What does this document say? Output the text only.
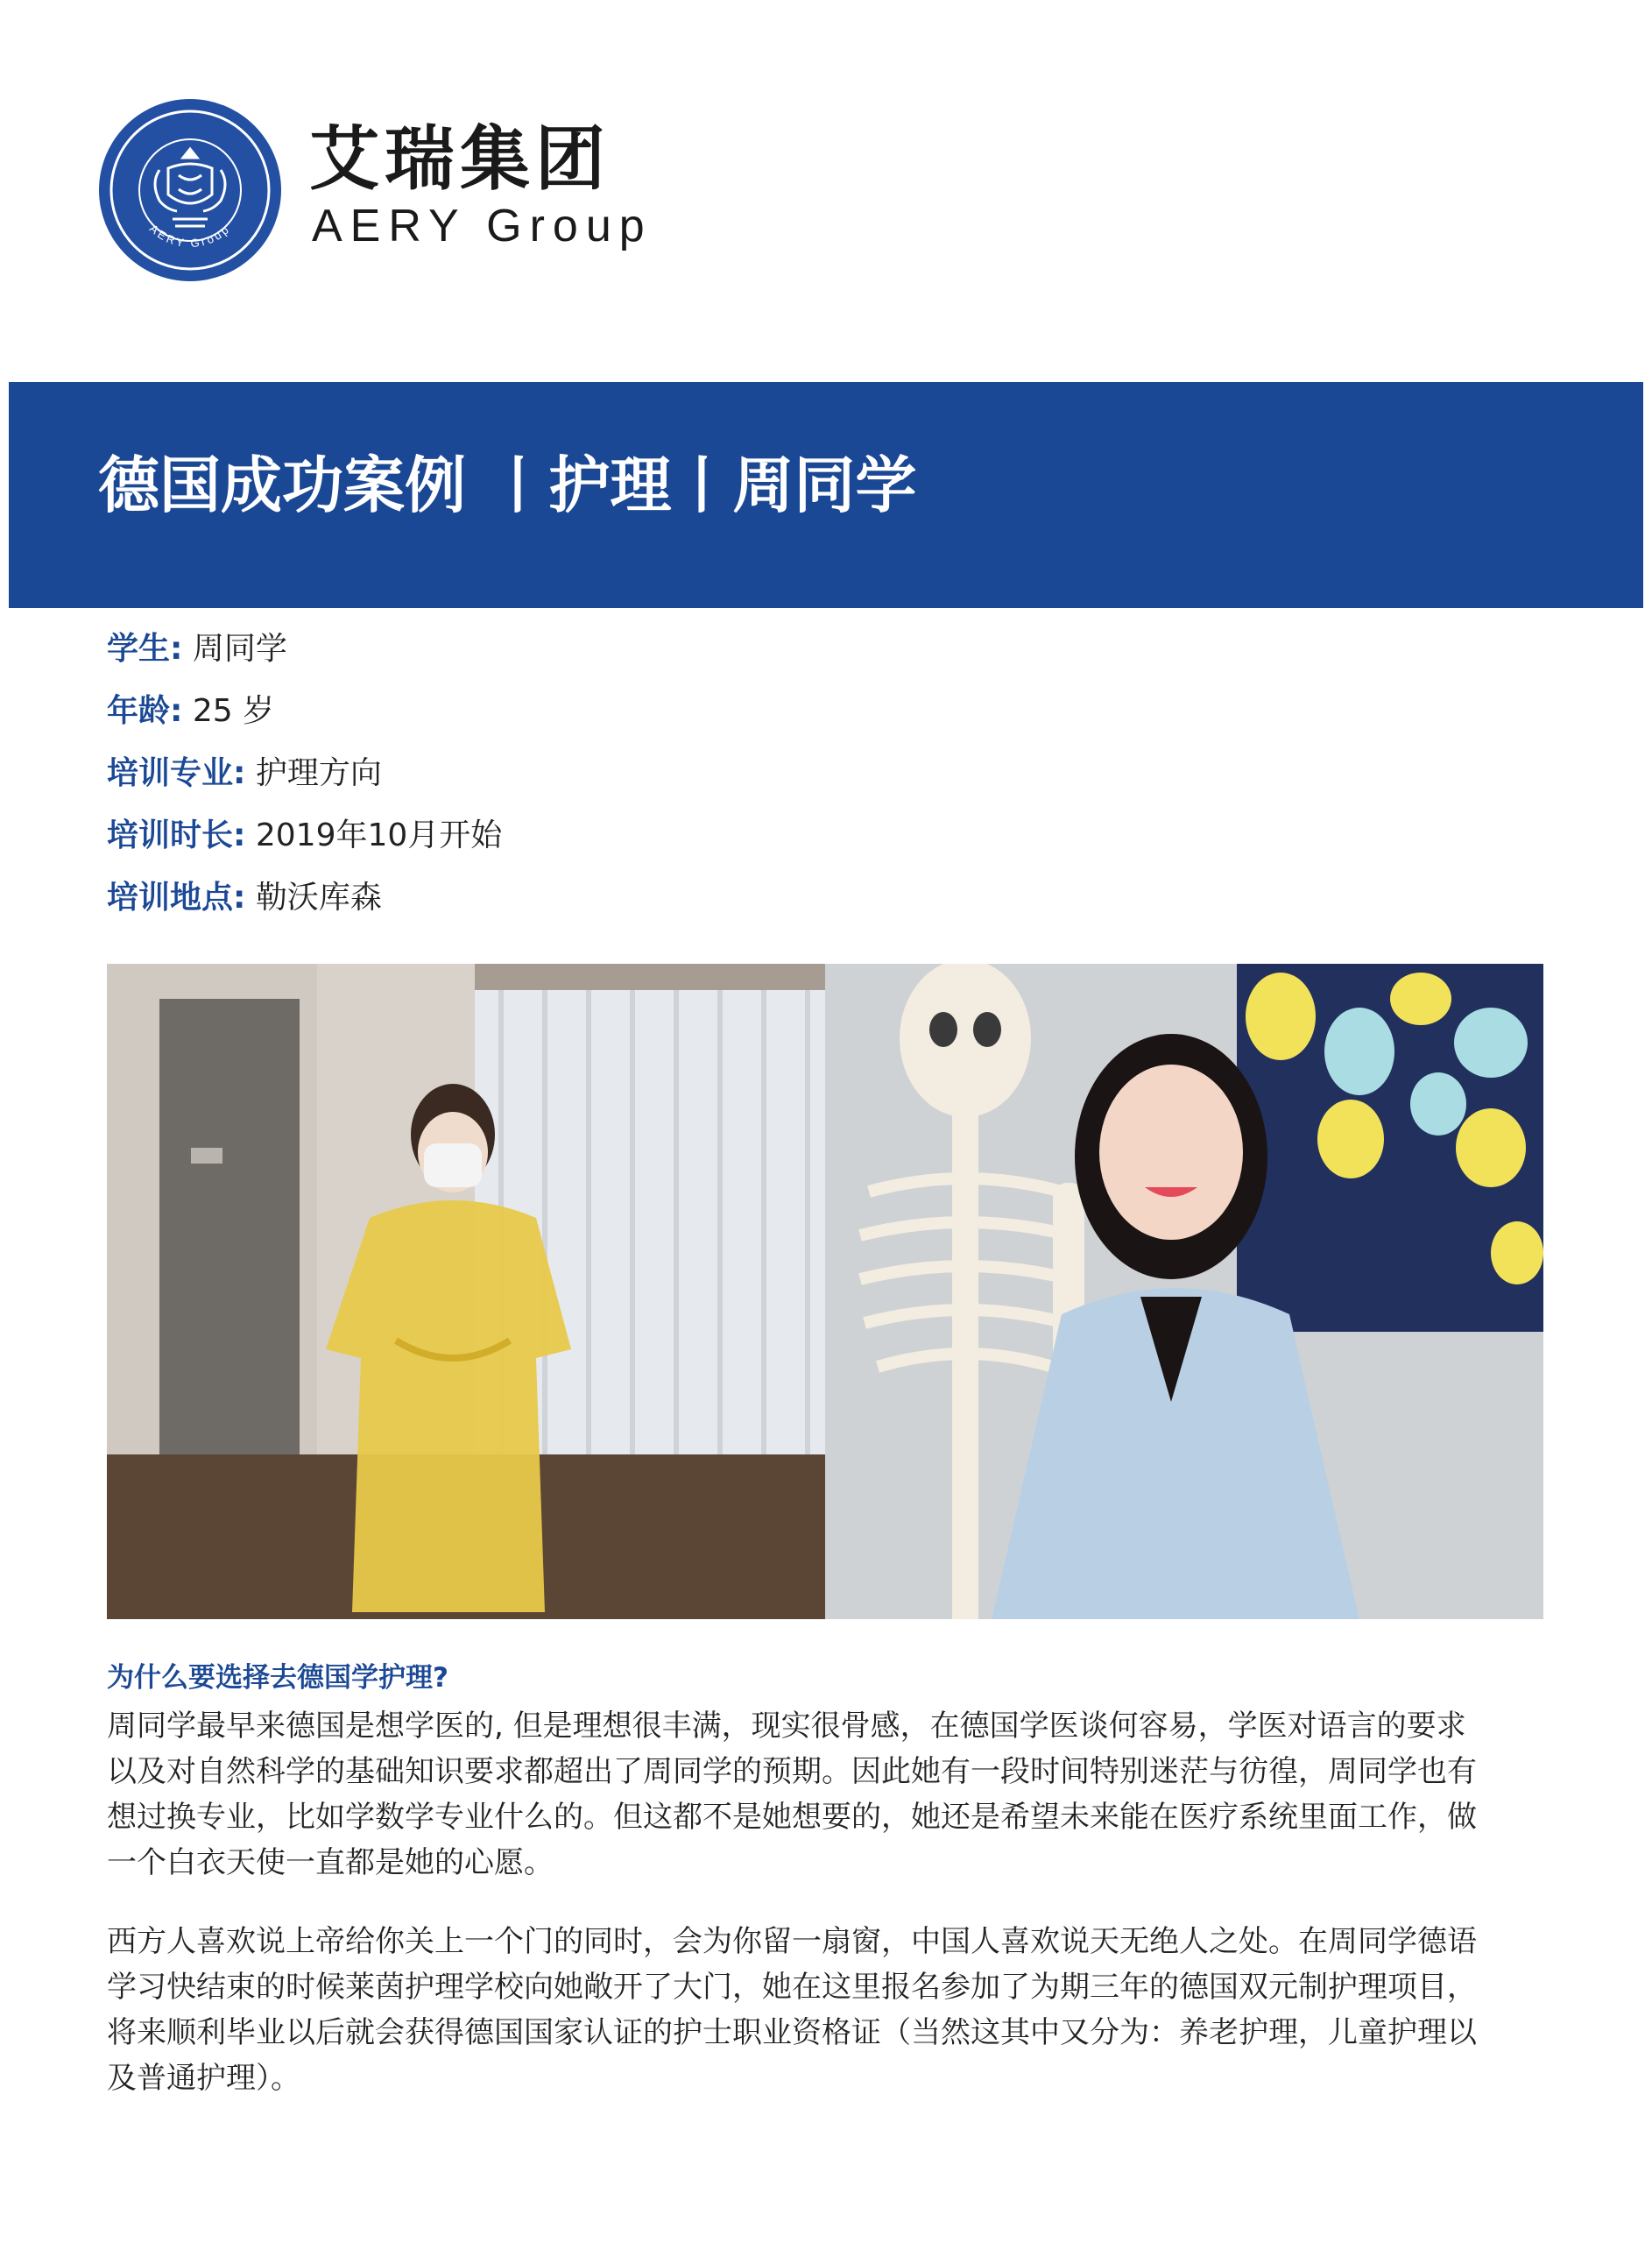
AERY Group
艾瑞集团
AERY Group
德国成功案例 丨护理丨周同学
学生: 周同学
年龄: 25 岁
培训专业: 护理方向
培训时长: 2019年10月开始
培训地点: 勒沃库森
为什么要选择去德国学护理?
周同学最早来德国是想学医的, 但是理想很丰满，现实很骨感，在德国学医谈何容易，学医对语言的要求
以及对自然科学的基础知识要求都超出了周同学的预期。因此她有一段时间特别迷茫与彷徨，周同学也有
想过换专业，比如学数学专业什么的。但这都不是她想要的，她还是希望未来能在医疗系统里面工作，做
一个白衣天使一直都是她的心愿。
西方人喜欢说上帝给你关上一个门的同时，会为你留一扇窗，中国人喜欢说天无绝人之处。在周同学德语
学习快结束的时候莱茵护理学校向她敞开了大门，她在这里报名参加了为期三年的德国双元制护理项目，
将来顺利毕业以后就会获得德国国家认证的护士职业资格证（当然这其中又分为：养老护理，儿童护理以
及普通护理）。
